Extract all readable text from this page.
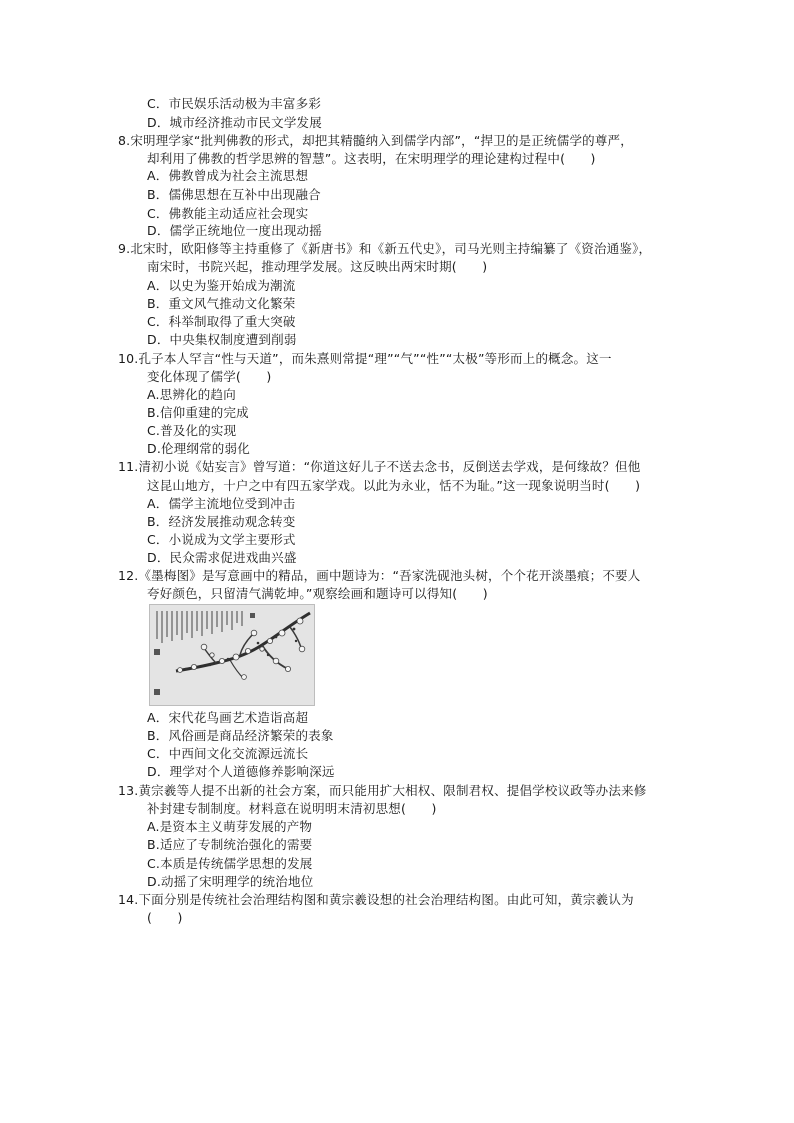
C．市民娱乐活动极为丰富多彩
D．城市经济推动市民文学发展
8.宋明理学家“批判佛教的形式，却把其精髓纳入到儒学内部”，“捍卫的是正统儒学的尊严，
却利用了佛教的哲学思辨的智慧”。这表明，在宋明理学的理论建构过程中(　　)
A．佛教曾成为社会主流思想
B．儒佛思想在互补中出现融合
C．佛教能主动适应社会现实
D．儒学正统地位一度出现动摇
9.北宋时，欧阳修等主持重修了《新唐书》和《新五代史》，司马光则主持编纂了《资治通鉴》，
南宋时，书院兴起，推动理学发展。这反映出两宋时期(　　)
A．以史为鉴开始成为潮流
B．重文风气推动文化繁荣
C．科举制取得了重大突破
D．中央集权制度遭到削弱
10.孔子本人罕言“性与天道”，而朱熹则常提“理”“气”“性”“太极”等形而上的概念。这一
变化体现了儒学(　　)
A.思辨化的趋向
B.信仰重建的完成
C.普及化的实现
D.伦理纲常的弱化
11.清初小说《姑妄言》曾写道：“你道这好儿子不送去念书，反倒送去学戏，是何缘故？但他
这昆山地方，十户之中有四五家学戏。以此为永业，恬不为耻。”这一现象说明当时(　　)
A．儒学主流地位受到冲击
B．经济发展推动观念转变
C．小说成为文学主要形式
D．民众需求促进戏曲兴盛
12.《墨梅图》是写意画中的精品，画中题诗为：“吾家洗砚池头树，个个花开淡墨痕；不要人
夸好颜色，只留清气满乾坤。”观察绘画和题诗可以得知(　　)
A．宋代花鸟画艺术造诣高超
B．风俗画是商品经济繁荣的表象
C．中西间文化交流源远流长
D．理学对个人道德修养影响深远
13.黄宗羲等人提不出新的社会方案，而只能用扩大相权、限制君权、提倡学校议政等办法来修
补封建专制制度。材料意在说明明末清初思想(　　)
A.是资本主义萌芽发展的产物
B.适应了专制统治强化的需要
C.本质是传统儒学思想的发展
D.动摇了宋明理学的统治地位
14.下面分别是传统社会治理结构图和黄宗羲设想的社会治理结构图。由此可知，黄宗羲认为
(　　)
